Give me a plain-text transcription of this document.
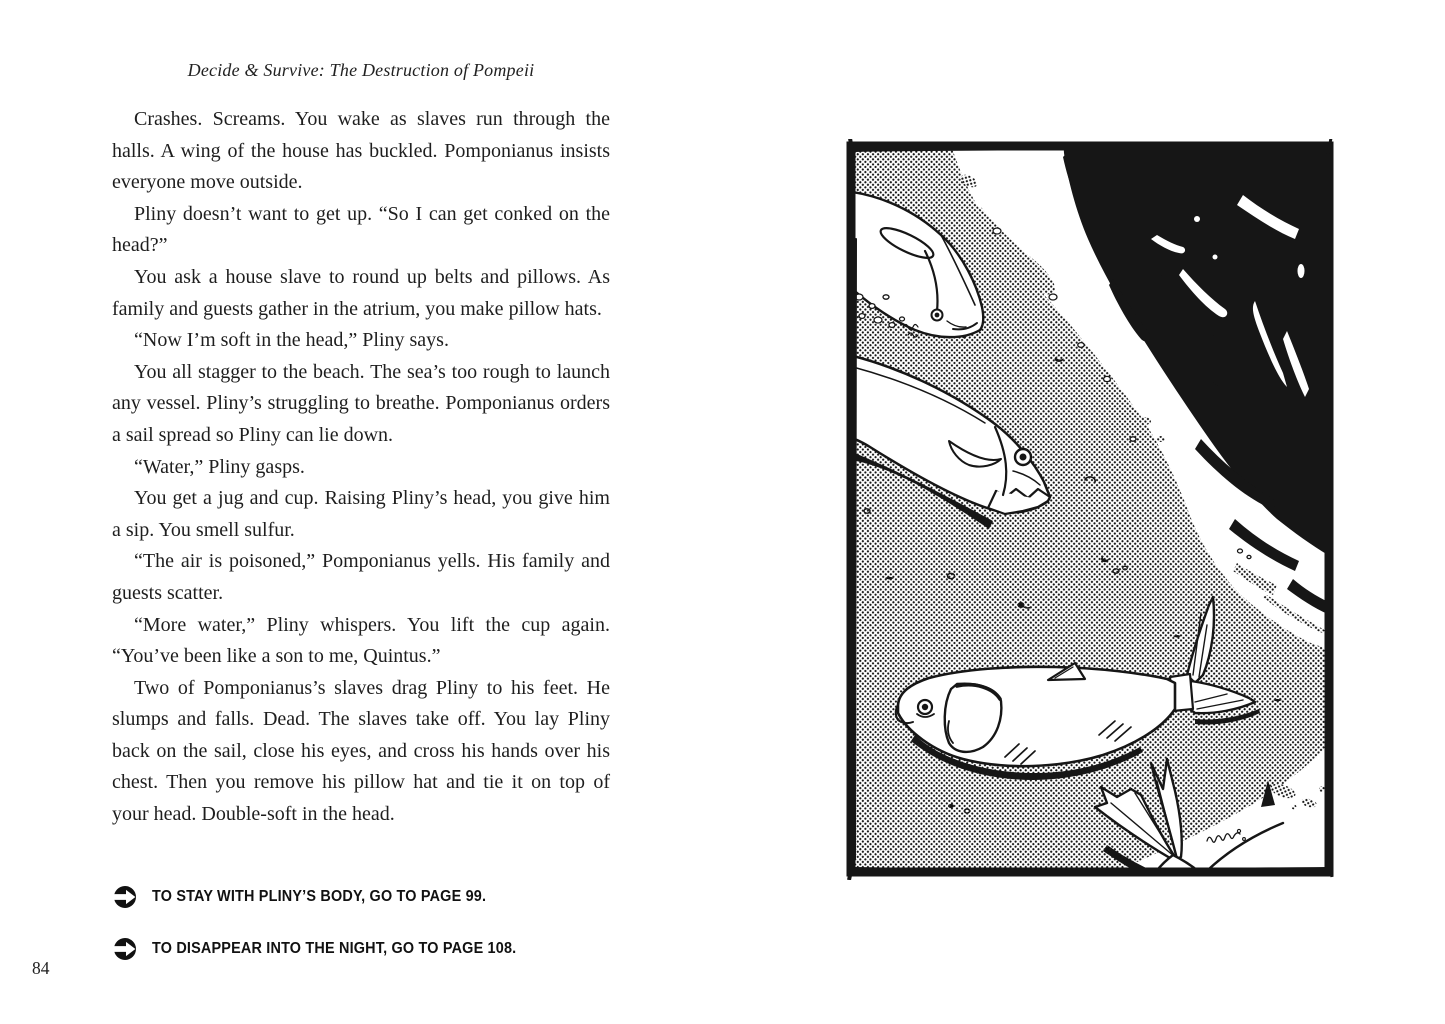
Decide & Survive: The Destruction of Pompeii

Crashes. Screams. You wake as slaves run through the halls. A wing of the house has buckled. Pomponianus insists everyone move outside.

Pliny doesn’t want to get up. “So I can get conked on the head?”

You ask a house slave to round up belts and pillows. As family and guests gather in the atrium, you make pillow hats.

“Now I’m soft in the head,” Pliny says.

You all stagger to the beach. The sea’s too rough to launch any vessel. Pliny’s struggling to breathe. Pomponianus orders a sail spread so Pliny can lie down.

“Water,” Pliny gasps.

You get a jug and cup. Raising Pliny’s head, you give him a sip. You smell sulfur.

“The air is poisoned,” Pomponianus yells. His family and guests scatter.

“More water,” Pliny whispers. You lift the cup again. “You’ve been like a son to me, Quintus.”

Two of Pomponianus’s slaves drag Pliny to his feet. He slumps and falls. Dead. The slaves take off. You lay Pliny back on the sail, close his eyes, and cross his hands over his chest. Then you remove his pillow hat and tie it on top of your head. Double-soft in the head.

TO STAY WITH PLINY’S BODY, GO TO PAGE 99.
TO DISAPPEAR INTO THE NIGHT, GO TO PAGE 108.
84
